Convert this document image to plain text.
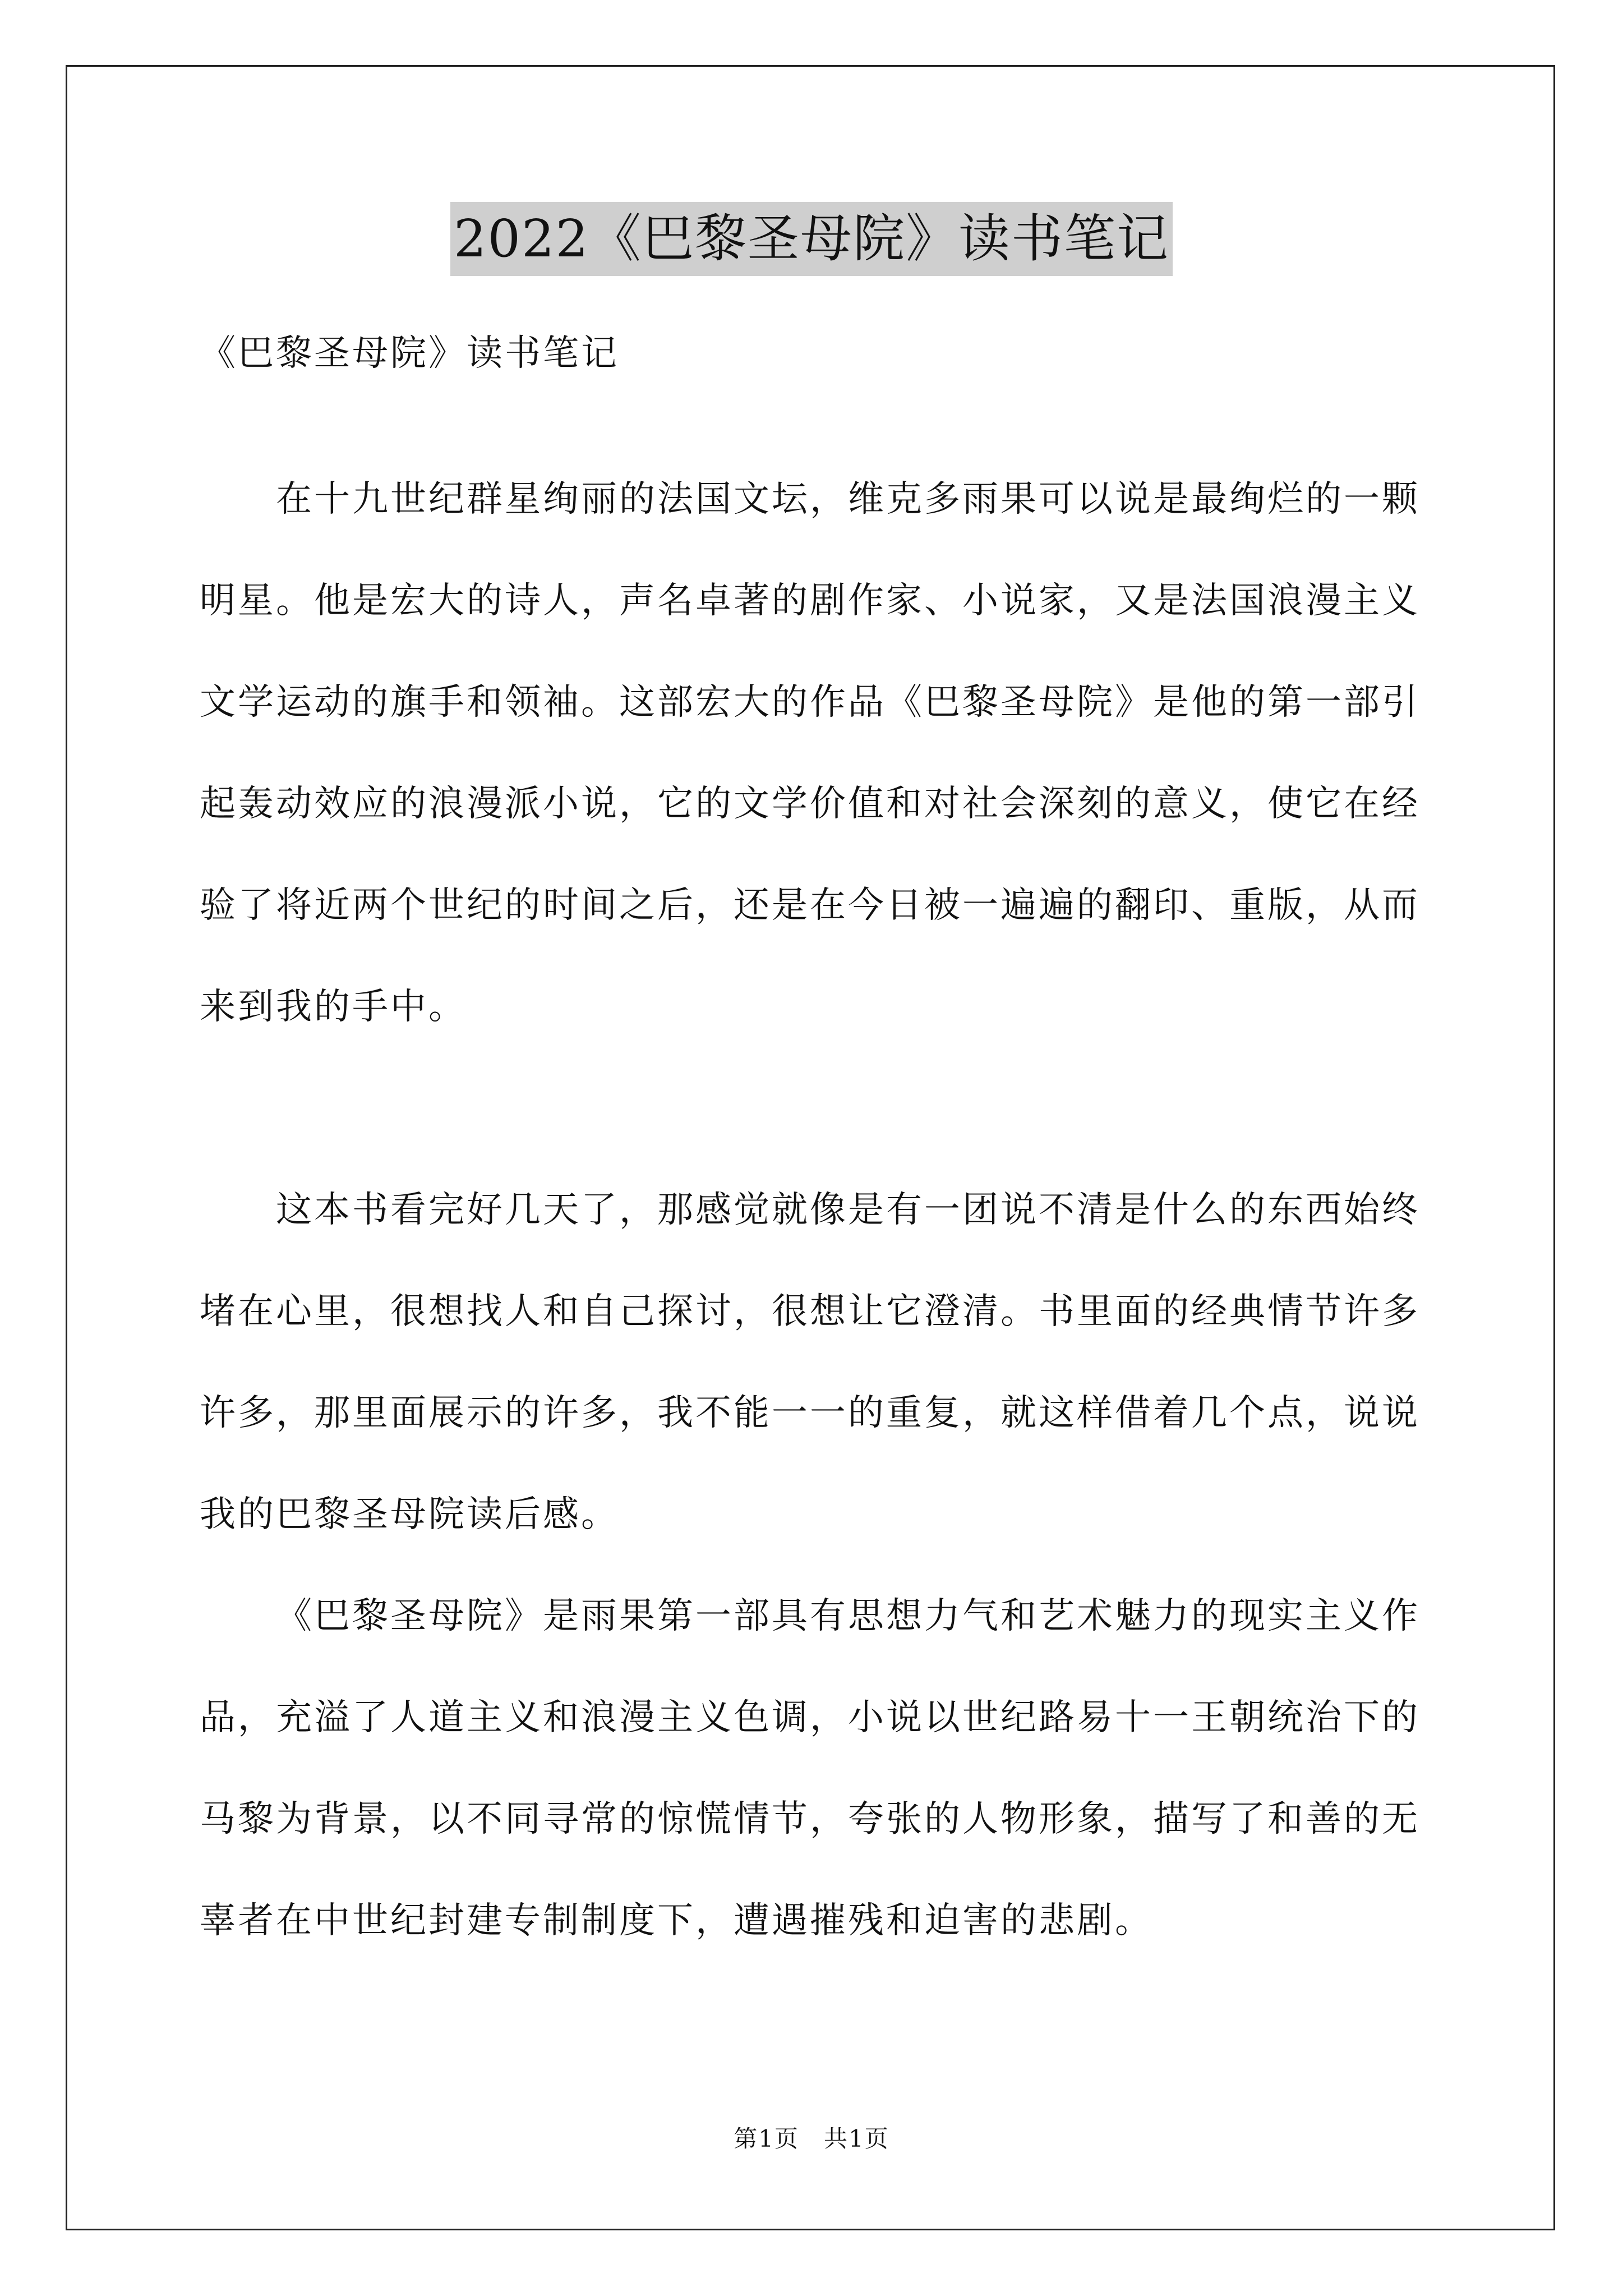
2022《巴黎圣母院》读书笔记

《巴黎圣母院》读书笔记

在十九世纪群星绚丽的法国文坛，维克多雨果可以说是最绚烂的一颗明星。他是宏大的诗人，声名卓著的剧作家、小说家，又是法国浪漫主义文学运动的旗手和领袖。这部宏大的作品《巴黎圣母院》是他的第一部引起轰动效应的浪漫派小说，它的文学价值和对社会深刻的意义，使它在经验了将近两个世纪的时间之后，还是在今日被一遍遍的翻印、重版，从而来到我的手中。

这本书看完好几天了，那感觉就像是有一团说不清是什么的东西始终堵在心里，很想找人和自己探讨，很想让它澄清。书里面的经典情节许多许多，那里面展示的许多，我不能一一的重复，就这样借着几个点，说说我的巴黎圣母院读后感。

《巴黎圣母院》是雨果第一部具有思想力气和艺术魅力的现实主义作品，充溢了人道主义和浪漫主义色调，小说以世纪路易十一王朝统治下的马黎为背景，以不同寻常的惊慌情节，夸张的人物形象，描写了和善的无辜者在中世纪封建专制制度下，遭遇摧残和迫害的悲剧。

第1页　共1页
